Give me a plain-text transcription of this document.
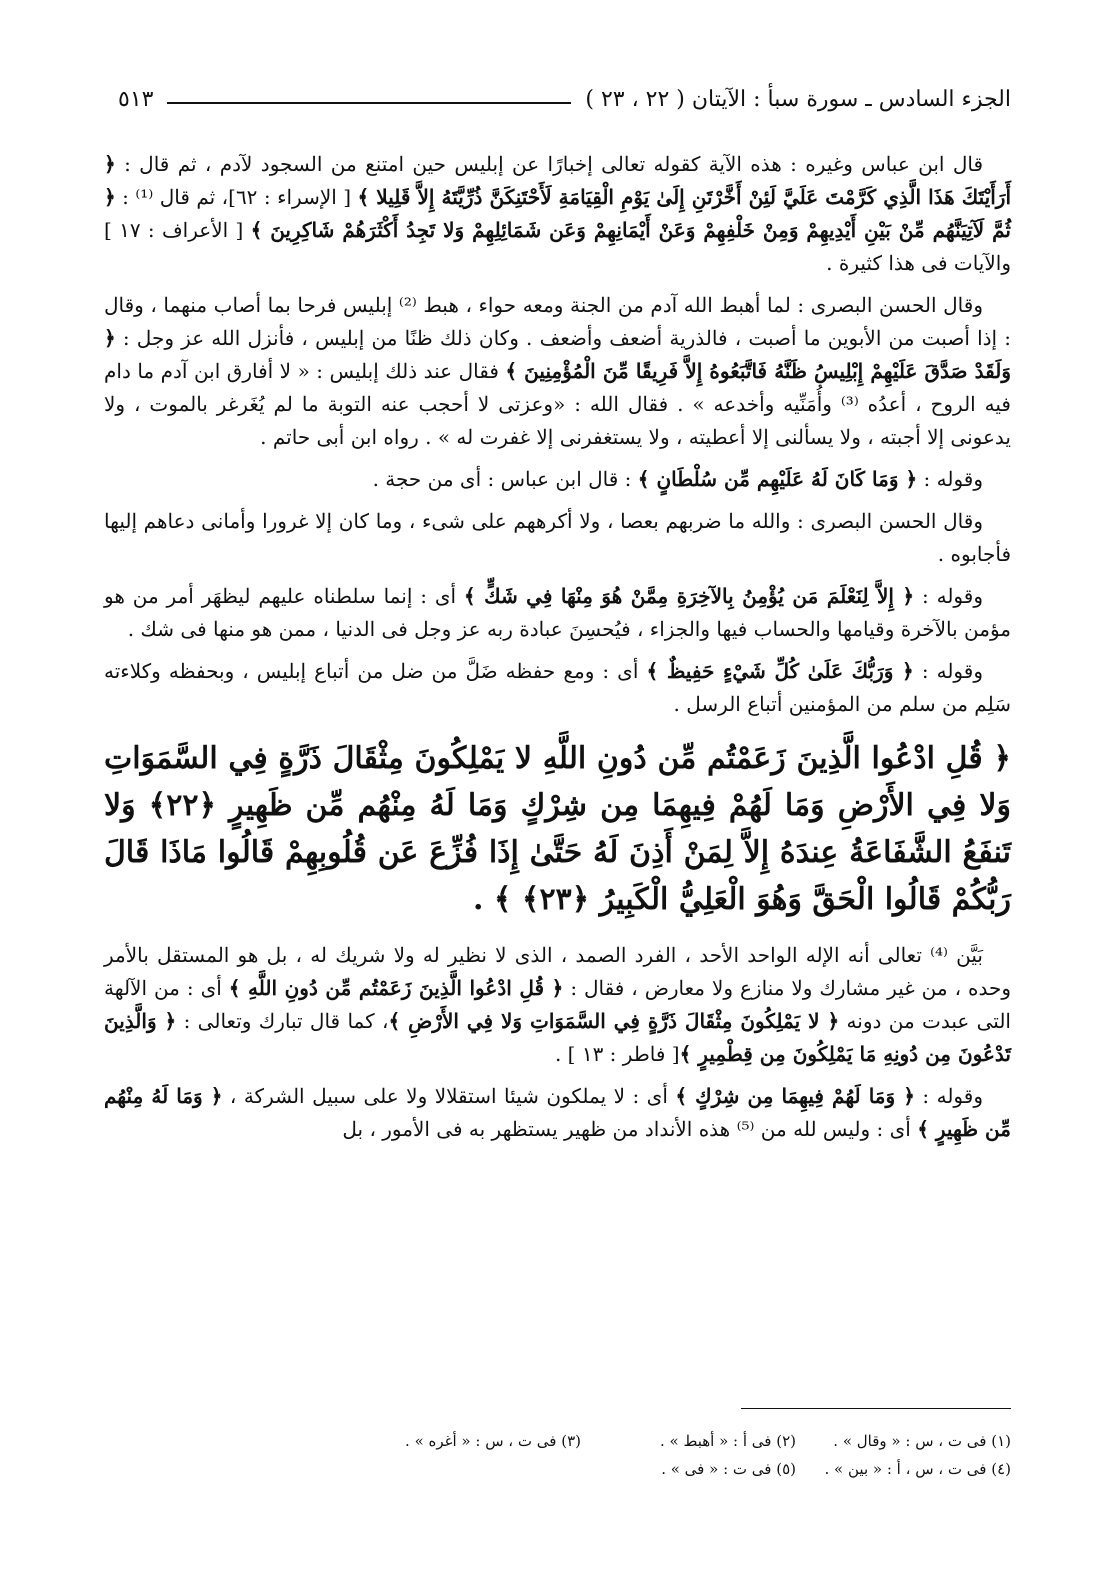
الجزء السادس ـ سورة سبأ : الآيتان ( ٢٢ ، ٢٣ )
٥١٣
قال ابن عباس وغيره : هذه الآية كقوله تعالى إخبارًا عن إبليس حين امتنع من السجود لآدم ، ثم قال : ﴿ أَرَأَيْتَكَ هَذَا الَّذِي كَرَّمْتَ عَلَيَّ لَئِنْ أَخَّرْتَنِ إِلَىٰ يَوْمِ الْقِيَامَةِ لَأَحْتَنِكَنَّ ذُرِّيَّتَهُ إِلاَّ قَلِيلا ﴾ [ الإسراء : ٦٢]، ثم قال ⁽¹⁾ : ﴿ ثُمَّ لَآتِيَنَّهُم مِّنْ بَيْنِ أَيْدِيهِمْ وَمِنْ خَلْفِهِمْ وَعَنْ أَيْمَانِهِمْ وَعَن شَمَائِلِهِمْ وَلا تَجِدُ أَكْثَرَهُمْ شَاكِرِينَ ﴾ [ الأعراف : ١٧ ] والآيات فى هذا كثيرة .
وقال الحسن البصرى : لما أهبط الله آدم من الجنة ومعه حواء ، هبط ⁽²⁾ إبليس فرحا بما أصاب منهما ، وقال : إذا أصبت من الأبوين ما أصبت ، فالذرية أضعف وأضعف . وكان ذلك ظنًا من إبليس ، فأنزل الله عز وجل : ﴿ وَلَقَدْ صَدَّقَ عَلَيْهِمْ إِبْلِيسُ ظَنَّهُ فَاتَّبَعُوهُ إِلاَّ فَرِيقًا مِّنَ الْمُؤْمِنِينَ ﴾ فقال عند ذلك إبليس : « لا أفارق ابن آدم ما دام فيه الروح ، أعدُه ⁽³⁾ وأُمَنِّيه وأخدعه » . فقال الله : «وعزتى لا أحجب عنه التوبة ما لم يُغَرغر بالموت ، ولا يدعونى إلا أجبته ، ولا يسألنى إلا أعطيته ، ولا يستغفرنى إلا غفرت له » . رواه ابن أبى حاتم .
وقوله : ﴿ وَمَا كَانَ لَهُ عَلَيْهِم مِّن سُلْطَانٍ ﴾ : قال ابن عباس : أى من حجة .
وقال الحسن البصرى : والله ما ضربهم بعصا ، ولا أكرههم على شىء ، وما كان إلا غرورا وأمانى دعاهم إليها فأجابوه .
وقوله : ﴿ إِلاَّ لِنَعْلَمَ مَن يُؤْمِنُ بِالآخِرَةِ مِمَّنْ هُوَ مِنْهَا فِي شَكٍّ ﴾ أى : إنما سلطناه عليهم ليظهَر أمر من هو مؤمن بالآخرة وقيامها والحساب فيها والجزاء ، فيُحسِنَ عبادة ربه عز وجل فى الدنيا ، ممن هو منها فى شك .
وقوله : ﴿ وَرَبُّكَ عَلَىٰ كُلِّ شَيْءٍ حَفِيظٌ ﴾ أى : ومع حفظه ضَلَّ من ضل من أتباع إبليس ، وبحفظه وكلاءته سَلِم من سلم من المؤمنين أتباع الرسل .
﴿ قُلِ ادْعُوا الَّذِينَ زَعَمْتُم مِّن دُونِ اللَّهِ لا يَمْلِكُونَ مِثْقَالَ ذَرَّةٍ فِي السَّمَوَاتِ وَلا فِي الأَرْضِ وَمَا لَهُمْ فِيهِمَا مِن شِرْكٍ وَمَا لَهُ مِنْهُم مِّن ظَهِيرٍ ﴿٢٢﴾ وَلا تَنفَعُ الشَّفَاعَةُ عِندَهُ إِلاَّ لِمَنْ أَذِنَ لَهُ حَتَّىٰ إِذَا فُزِّعَ عَن قُلُوبِهِمْ قَالُوا مَاذَا قَالَ رَبُّكُمْ قَالُوا الْحَقَّ وَهُوَ الْعَلِيُّ الْكَبِيرُ ﴿٢٣﴾ ﴾ .
بَيَّن ⁽⁴⁾ تعالى أنه الإله الواحد الأحد ، الفرد الصمد ، الذى لا نظير له ولا شريك له ، بل هو المستقل بالأمر وحده ، من غير مشارك ولا منازع ولا معارض ، فقال : ﴿ قُلِ ادْعُوا الَّذِينَ زَعَمْتُم مِّن دُونِ اللَّهِ ﴾ أى : من الآلهة التى عبدت من دونه ﴿ لا يَمْلِكُونَ مِثْقَالَ ذَرَّةٍ فِي السَّمَوَاتِ وَلا فِي الأَرْضِ ﴾، كما قال تبارك وتعالى : ﴿ وَالَّذِينَ تَدْعُونَ مِن دُونِهِ مَا يَمْلِكُونَ مِن قِطْمِيرٍ ﴾[ فاطر : ١٣ ] .
وقوله : ﴿ وَمَا لَهُمْ فِيهِمَا مِن شِرْكٍ ﴾ أى : لا يملكون شيئا استقلالا ولا على سبيل الشركة ، ﴿ وَمَا لَهُ مِنْهُم مِّن ظَهِيرٍ ﴾ أى : وليس لله من ⁽⁵⁾ هذه الأنداد من ظهير يستظهر به فى الأمور ، بل
(١) فى ت ، س : « وقال » .
(٢) فى أ : « أهبط » .
(٣) فى ت ، س : « أغره » .
(٤) فى ت ، س ، أ : « بين » .
(٥) فى ت : « فى » .
